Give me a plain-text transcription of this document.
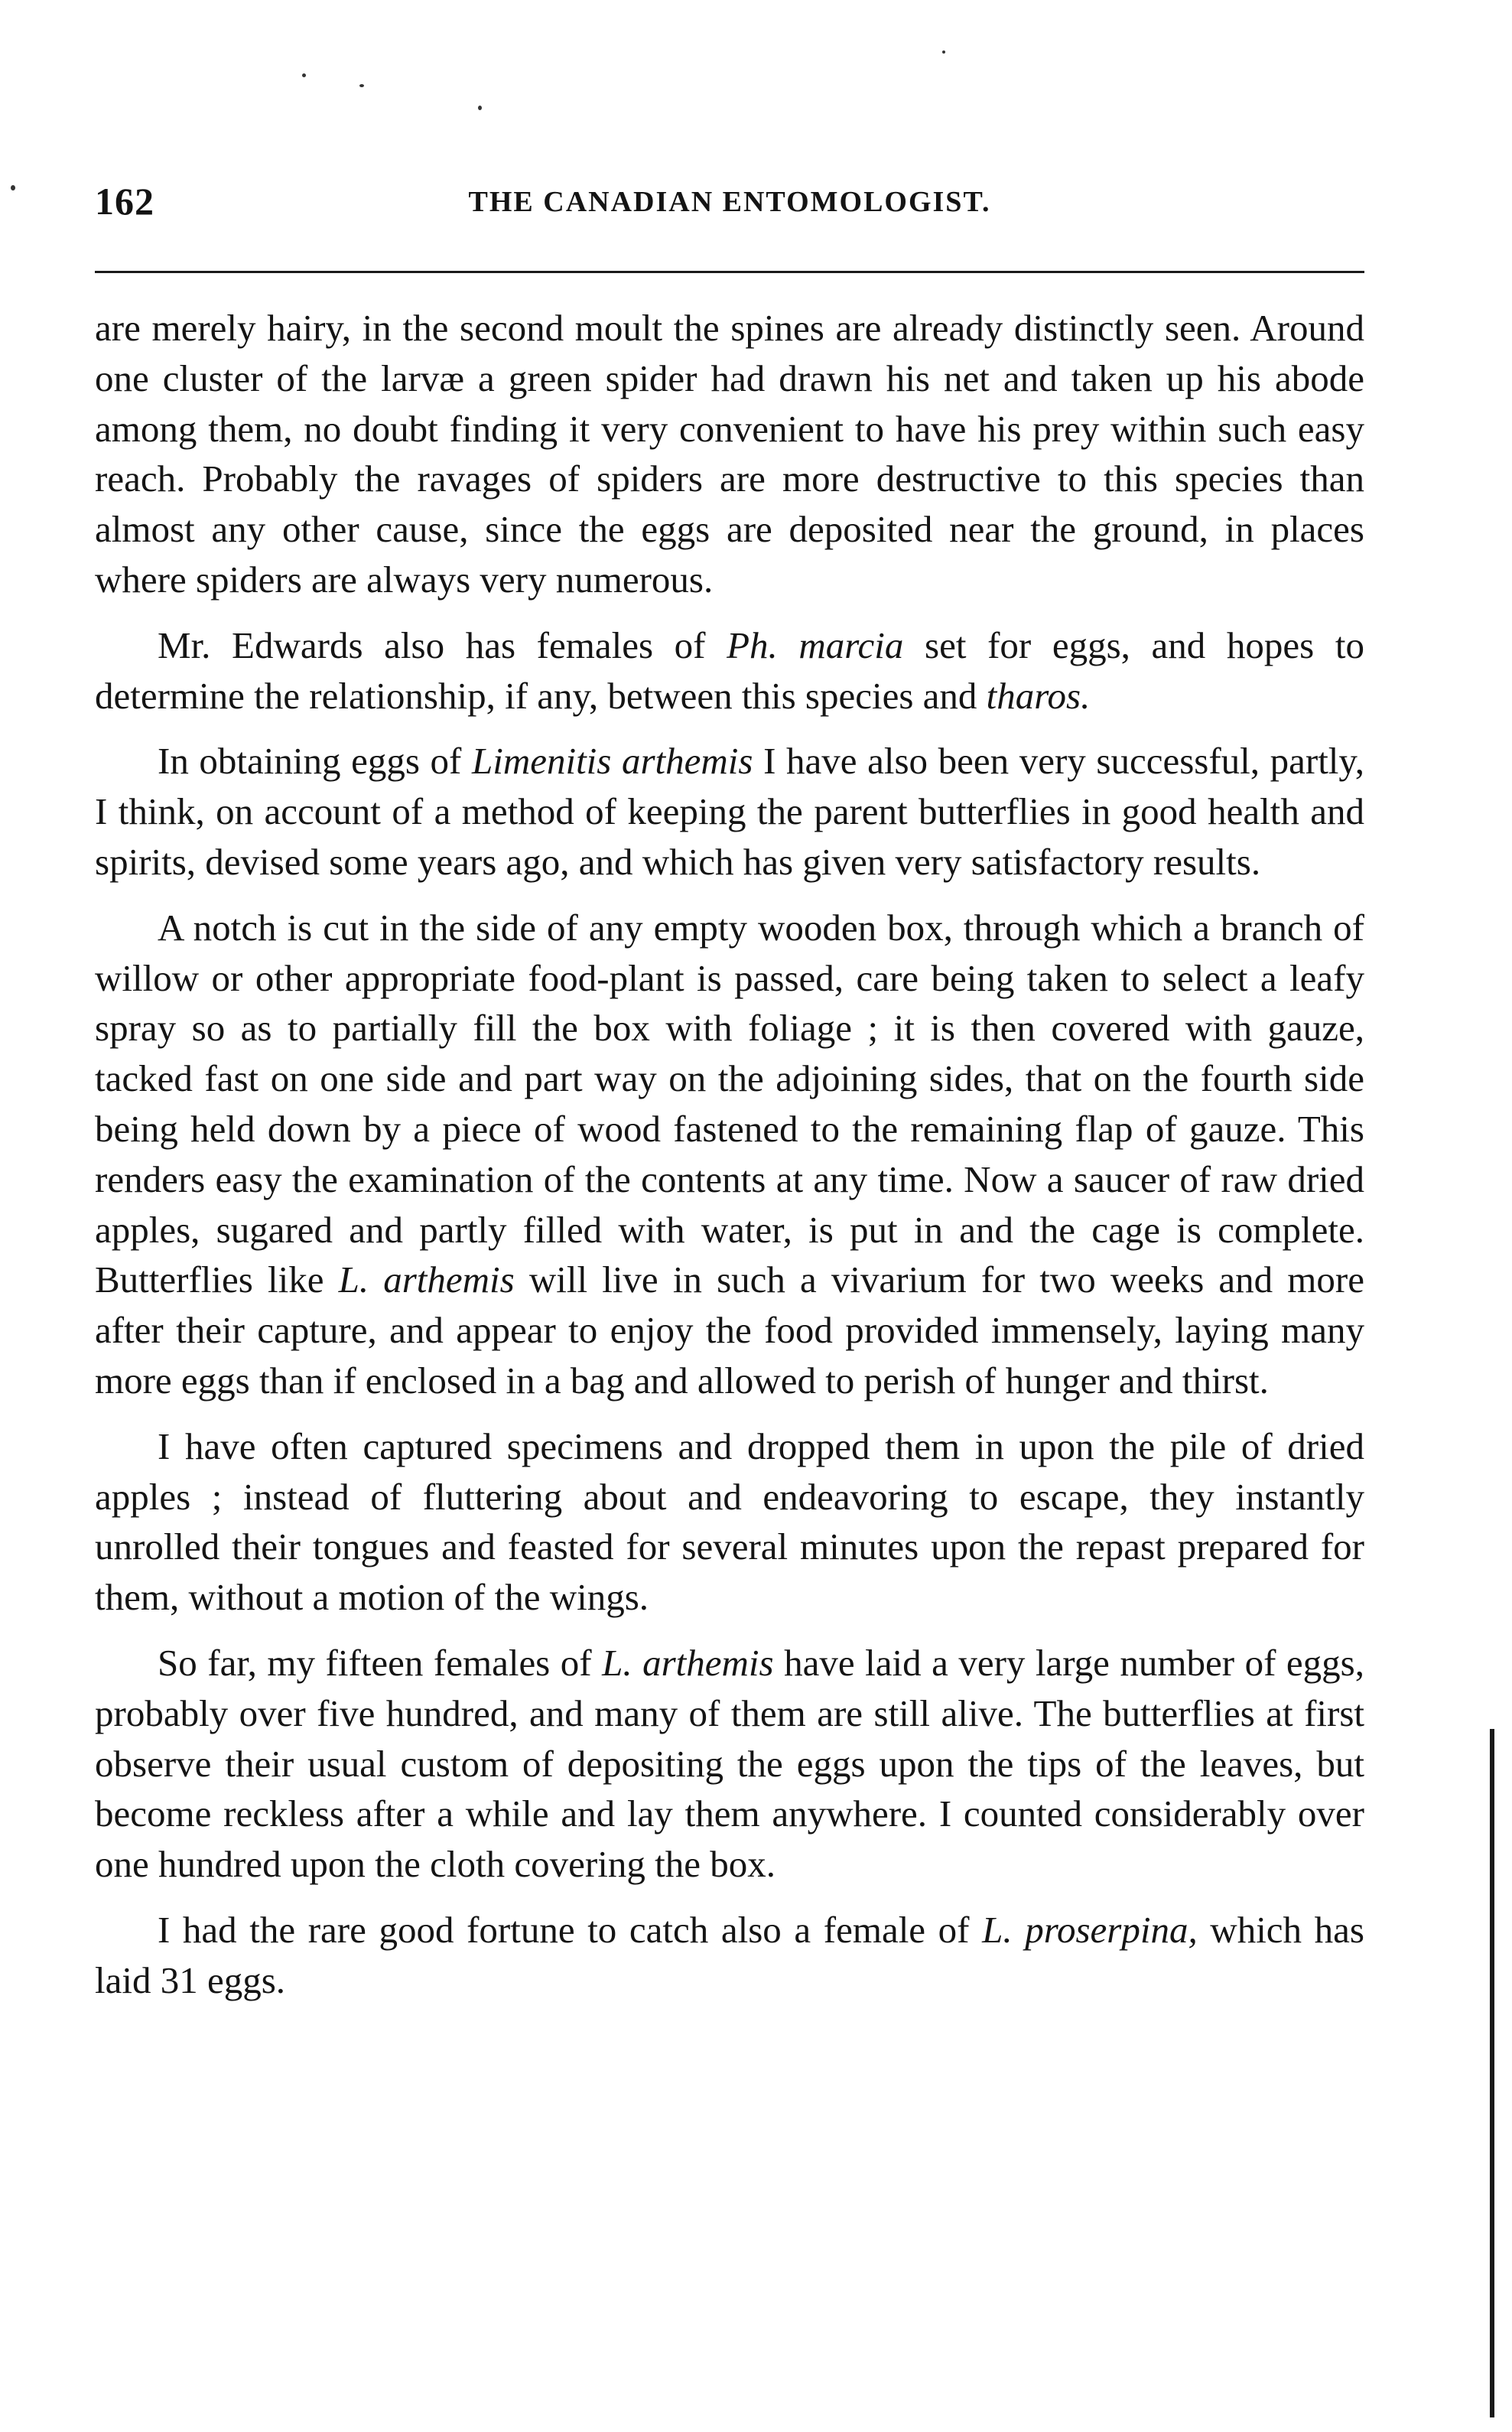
162	THE CANADIAN ENTOMOLOGIST.

are merely hairy, in the second moult the spines are already distinctly seen. Around one cluster of the larvæ a green spider had drawn his net and taken up his abode among them, no doubt finding it very convenient to have his prey within such easy reach. Probably the ravages of spiders are more destructive to this species than almost any other cause, since the eggs are deposited near the ground, in places where spiders are always very numerous.

Mr. Edwards also has females of Ph. marcia set for eggs, and hopes to determine the relationship, if any, between this species and tharos.

In obtaining eggs of Limenitis arthemis I have also been very successful, partly, I think, on account of a method of keeping the parent butterflies in good health and spirits, devised some years ago, and which has given very satisfactory results.

A notch is cut in the side of any empty wooden box, through which a branch of willow or other appropriate food-plant is passed, care being taken to select a leafy spray so as to partially fill the box with foliage ; it is then covered with gauze, tacked fast on one side and part way on the adjoining sides, that on the fourth side being held down by a piece of wood fastened to the remaining flap of gauze. This renders easy the examination of the contents at any time. Now a saucer of raw dried apples, sugared and partly filled with water, is put in and the cage is complete. Butterflies like L. arthemis will live in such a vivarium for two weeks and more after their capture, and appear to enjoy the food provided immensely, laying many more eggs than if enclosed in a bag and allowed to perish of hunger and thirst.

I have often captured specimens and dropped them in upon the pile of dried apples ; instead of fluttering about and endeavoring to escape, they instantly unrolled their tongues and feasted for several minutes upon the repast prepared for them, without a motion of the wings.

So far, my fifteen females of L. arthemis have laid a very large number of eggs, probably over five hundred, and many of them are still alive. The butterflies at first observe their usual custom of depositing the eggs upon the tips of the leaves, but become reckless after a while and lay them anywhere. I counted considerably over one hundred upon the cloth covering the box.

I had the rare good fortune to catch also a female of L. proserpina, which has laid 31 eggs.
